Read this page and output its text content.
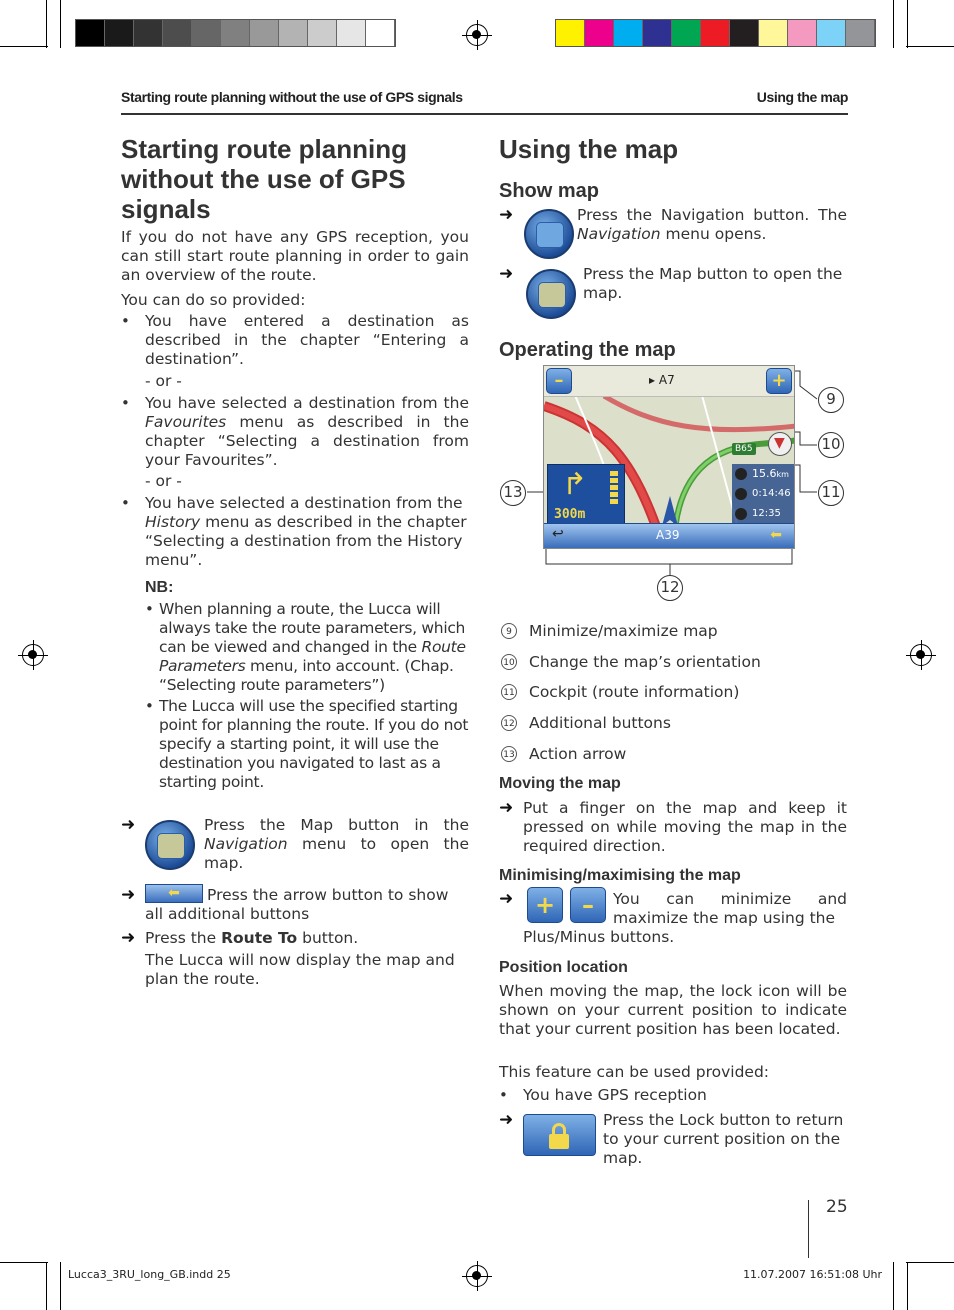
Starting route planning without the use of GPS signals	Using the map
Starting route planning
without the use of GPS
signals

If you do not have any GPS reception, you can still start route planning in order to gain an overview of the route.

You can do so provided:

• You have entered a destination as described in the chapter “Entering a destination”.

- or -

• You have selected a destination from the Favourites menu as described in the chapter “Selecting a destination from your Favourites”.

- or -

• You have selected a destination from the History menu as described in the chapter “Selecting a destination from the History menu”.

NB:

• When planning a route, the Lucca will always take the route parameters, which can be viewed and changed in the Route Parameters menu, into account. (Chap. “Selecting route parameters”)

• The Lucca will use the specified starting point for planning the route. If you do not specify a starting point, it will use the destination you navigated to last as a starting point.

➜	Press the Map button in the Navigation menu to open the map.

➜	⬅	Press the arrow button to show all additional buttons

➜ Press the Route To button.

The Lucca will now display the map and plan the route.

Using the map
Show map
➜	Press the Navigation button. The Navigation menu opens.

➜	Press the Map button to open the map.

Operating the map
–	+
▸ A7
B65 ▼
↱
300m
15.6km
0:14:46
12:35
↩	A39	⬅
9
10
11
12
13
9	Minimize/maximize map

10 Change the map’s orientation

11 Cockpit (route information)

12 Additional buttons

13 Action arrow

Moving the map
➜ Put a finger on the map and keep it pressed on while moving the map in the required direction.

Minimising/maximising the map
➜ +	–	You can minimize and maximize the map using the

Plus/Minus buttons.

Position location

When moving the map, the lock icon will be shown on your current position to indicate that your current position has been located.

This feature can be used provided:

• You have GPS reception

➜	Press the Lock button to return to your current position on the map.

25

Lucca3_3RU_long_GB.indd 25	11.07.2007 16:51:08 Uhr
